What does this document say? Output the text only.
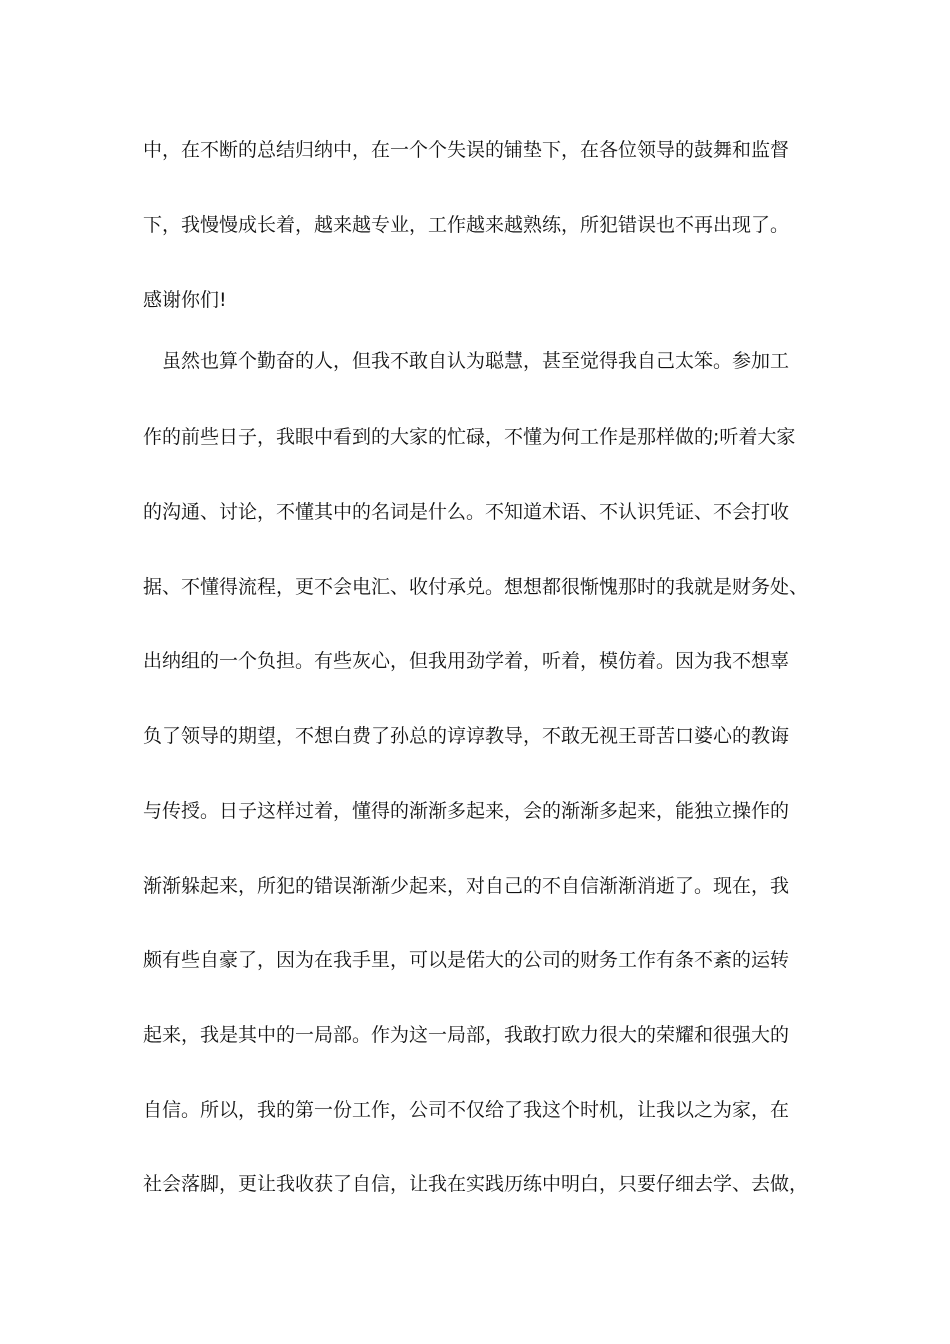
中，在不断的总结归纳中，在一个个失误的铺垫下，在各位领导的鼓舞和监督

下，我慢慢成长着，越来越专业，工作越来越熟练，所犯错误也不再出现了。

感谢你们!

　虽然也算个勤奋的人，但我不敢自认为聪慧，甚至觉得我自己太笨。参加工

作的前些日子，我眼中看到的大家的忙碌，不懂为何工作是那样做的;听着大家

的沟通、讨论，不懂其中的名词是什么。不知道术语、不认识凭证、不会打收

据、不懂得流程，更不会电汇、收付承兑。想想都很惭愧那时的我就是财务处、

出纳组的一个负担。有些灰心，但我用劲学着，听着，模仿着。因为我不想辜

负了领导的期望，不想白费了孙总的谆谆教导，不敢无视王哥苦口婆心的教诲

与传授。日子这样过着，懂得的渐渐多起来，会的渐渐多起来，能独立操作的

渐渐躲起来，所犯的错误渐渐少起来，对自己的不自信渐渐消逝了。现在，我

颇有些自豪了，因为在我手里，可以是偌大的公司的财务工作有条不紊的运转

起来，我是其中的一局部。作为这一局部，我敢打欧力很大的荣耀和很强大的

自信。所以，我的第一份工作，公司不仅给了我这个时机，让我以之为家，在

社会落脚，更让我收获了自信，让我在实践历练中明白，只要仔细去学、去做，
